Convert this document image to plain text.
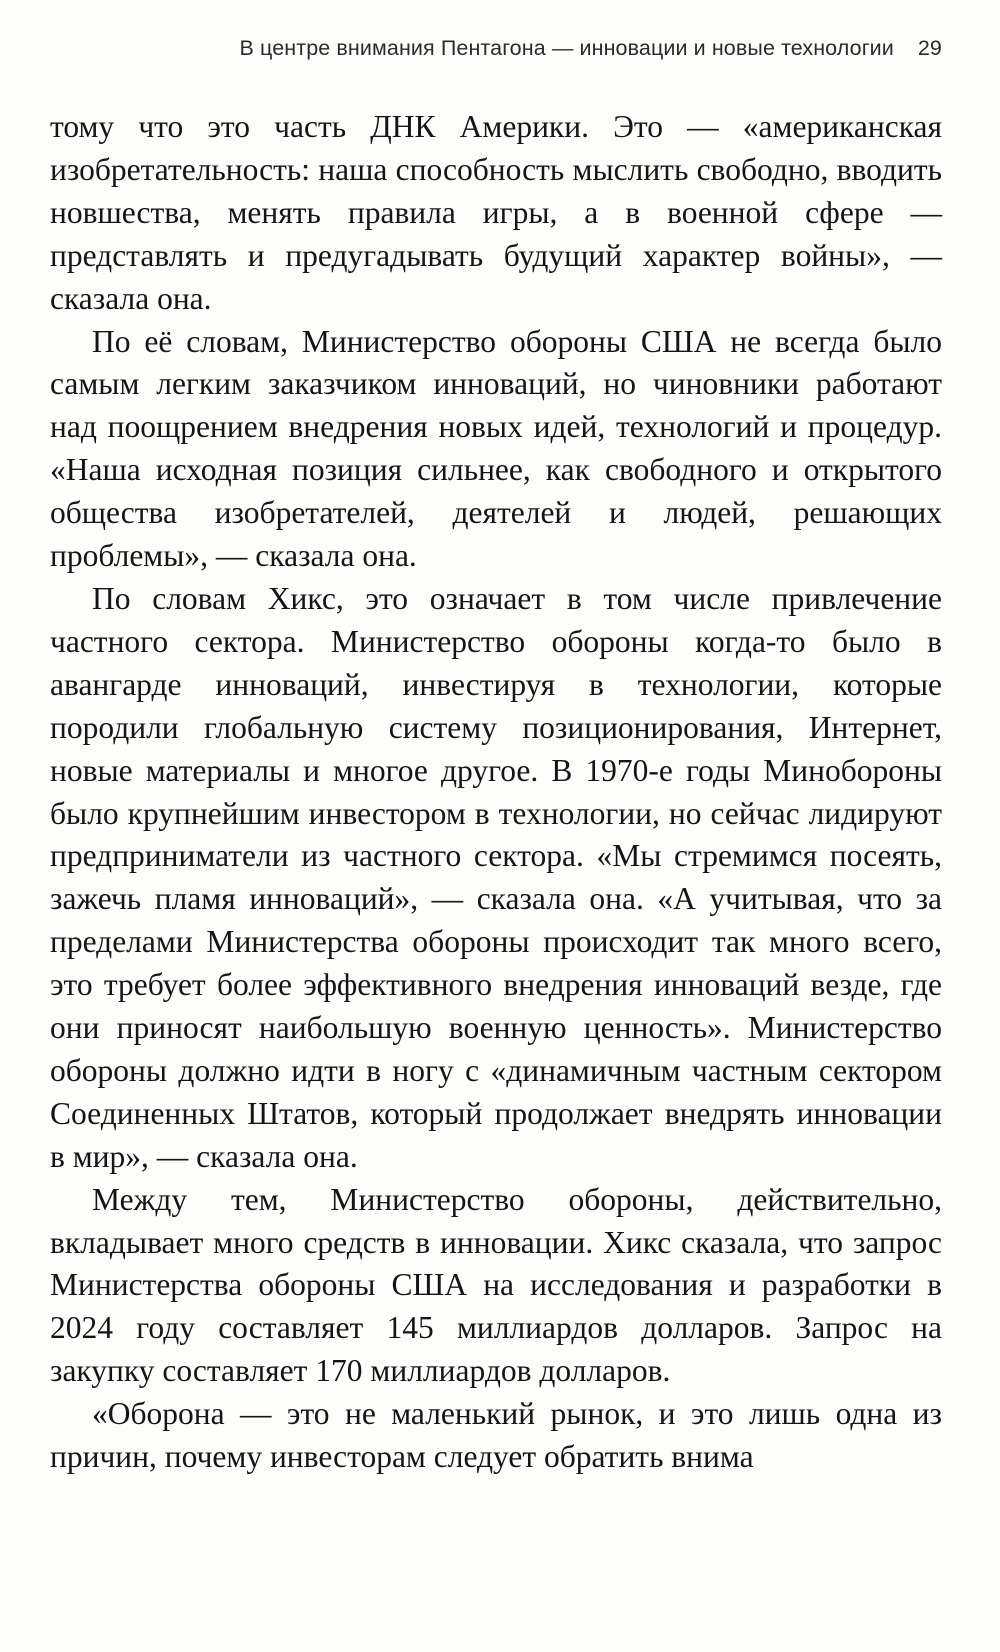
В центре внимания Пентагона — инновации и новые технологии 29

тому что это часть ДНК Америки. Это — «американская изобретательность: наша способность мыслить свободно, вводить новшества, менять правила игры, а в военной сфере — представлять и предугадывать будущий характер войны», — сказала она.

По её словам, Министерство обороны США не всегда было самым легким заказчиком инноваций, но чиновники работают над поощрением внедрения новых идей, технологий и процедур. «Наша исходная позиция сильнее, как свободного и открытого общества изобретателей, деятелей и людей, решающих проблемы», — сказала она.

По словам Хикс, это означает в том числе привлечение частного сектора. Министерство обороны когда-то было в авангарде инноваций, инвестируя в технологии, которые породили глобальную систему позиционирования, Интернет, новые материалы и многое другое. В 1970-е годы Минобороны было крупнейшим инвестором в технологии, но сейчас лидируют предприниматели из частного сектора. «Мы стремимся посеять, зажечь пламя инноваций», — сказала она. «А учитывая, что за пределами Министерства обороны происходит так много всего, это требует более эффективного внедрения инноваций везде, где они приносят наибольшую военную ценность». Министерство обороны должно идти в ногу с «динамичным частным сектором Соединенных Штатов, который продолжает внедрять инновации в мир», — сказала она.

Между тем, Министерство обороны, действительно, вкладывает много средств в инновации. Хикс сказала, что запрос Министерства обороны США на исследования и разработки в 2024 году составляет 145 миллиардов долларов. Запрос на закупку составляет 170 миллиардов долларов.

«Оборона — это не маленький рынок, и это лишь одна из причин, почему инвесторам следует обратить внима
